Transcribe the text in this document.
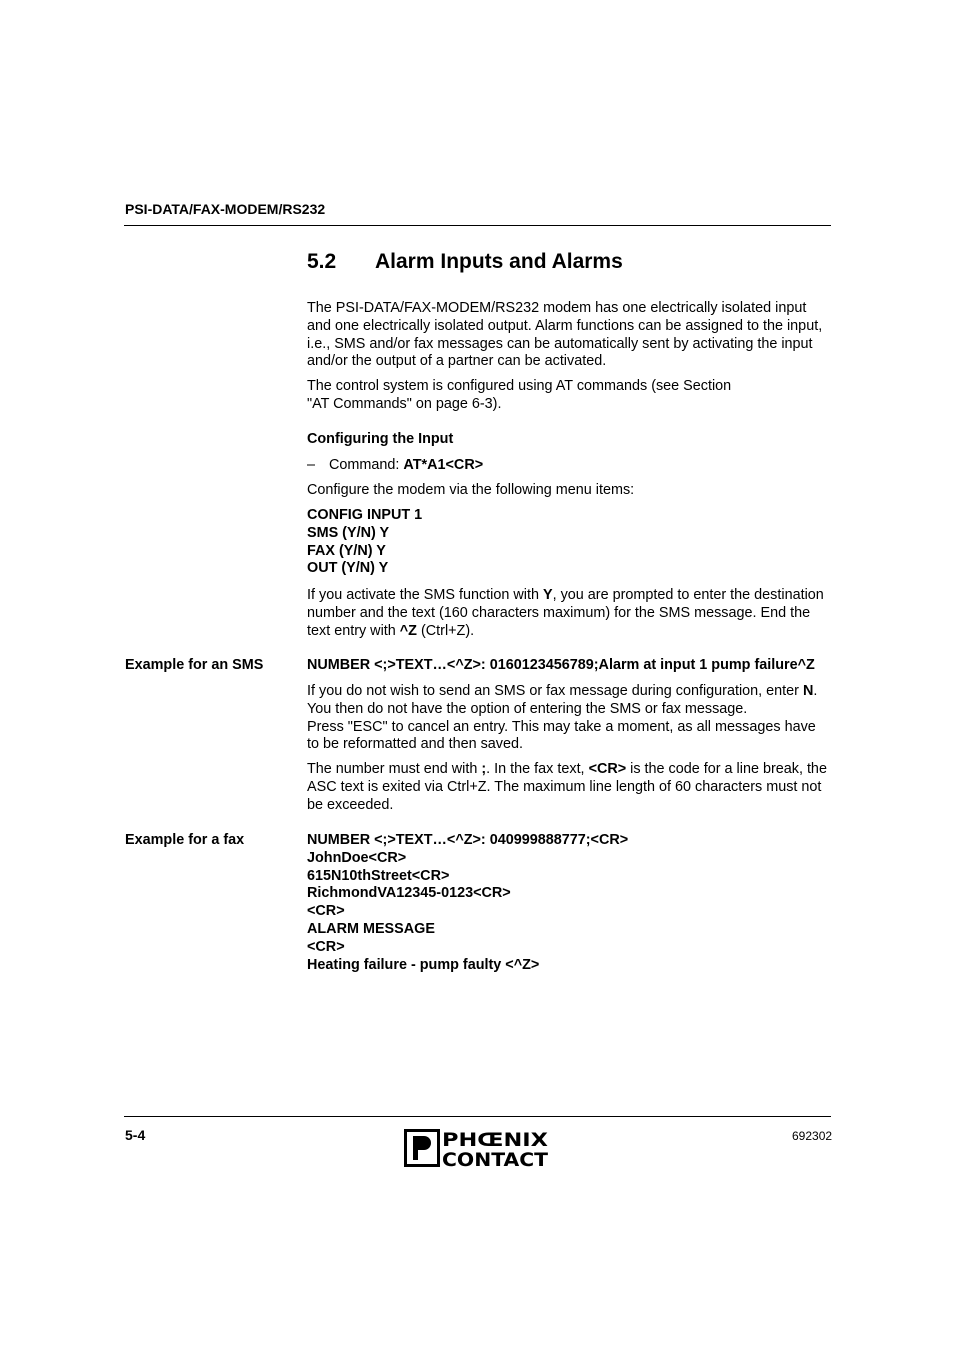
PSI-DATA/FAX-MODEM/RS232
5.2 Alarm Inputs and Alarms

The PSI-DATA/FAX-MODEM/RS232 modem has one electrically isolated input and one electrically isolated output. Alarm functions can be assigned to the input, i.e., SMS and/or fax messages can be automatically sent by activating the input and/or the output of a partner can be activated.

The control system is configured using AT commands (see Section

"AT Commands" on page 6-3).

Configuring the Input
– Command: AT*A1<CR>
Configure the modem via the following menu items:
CONFIG INPUT 1
SMS (Y/N) Y
FAX (Y/N) Y
OUT (Y/N) Y

If you activate the SMS function with Y, you are prompted to enter the destination number and the text (160 characters maximum) for the SMS message. End the text entry with ^Z (Ctrl+Z).

Example for an SMS	NUMBER <;>TEXT…<^Z>: 0160123456789;Alarm at input 1 pump failure^Z

If you do not wish to send an SMS or fax message during configuration, enter N. You then do not have the option of entering the SMS or fax message.

Press "ESC" to cancel an entry. This may take a moment, as all messages have to be reformatted and then saved.

The number must end with ;. In the fax text, <CR> is the code for a line break, the ASC text is exited via Ctrl+Z. The maximum line length of 60 characters must not be exceeded.

Example for a fax	NUMBER <;>TEXT…<^Z>: 040999888777;<CR>
JohnDoe<CR>
615N10thStreet<CR>
RichmondVA12345-0123<CR>
<CR>
ALARM MESSAGE
<CR>
Heating failure - pump faulty <^Z>
5-4	692302
PHŒNIX
CONTACT
